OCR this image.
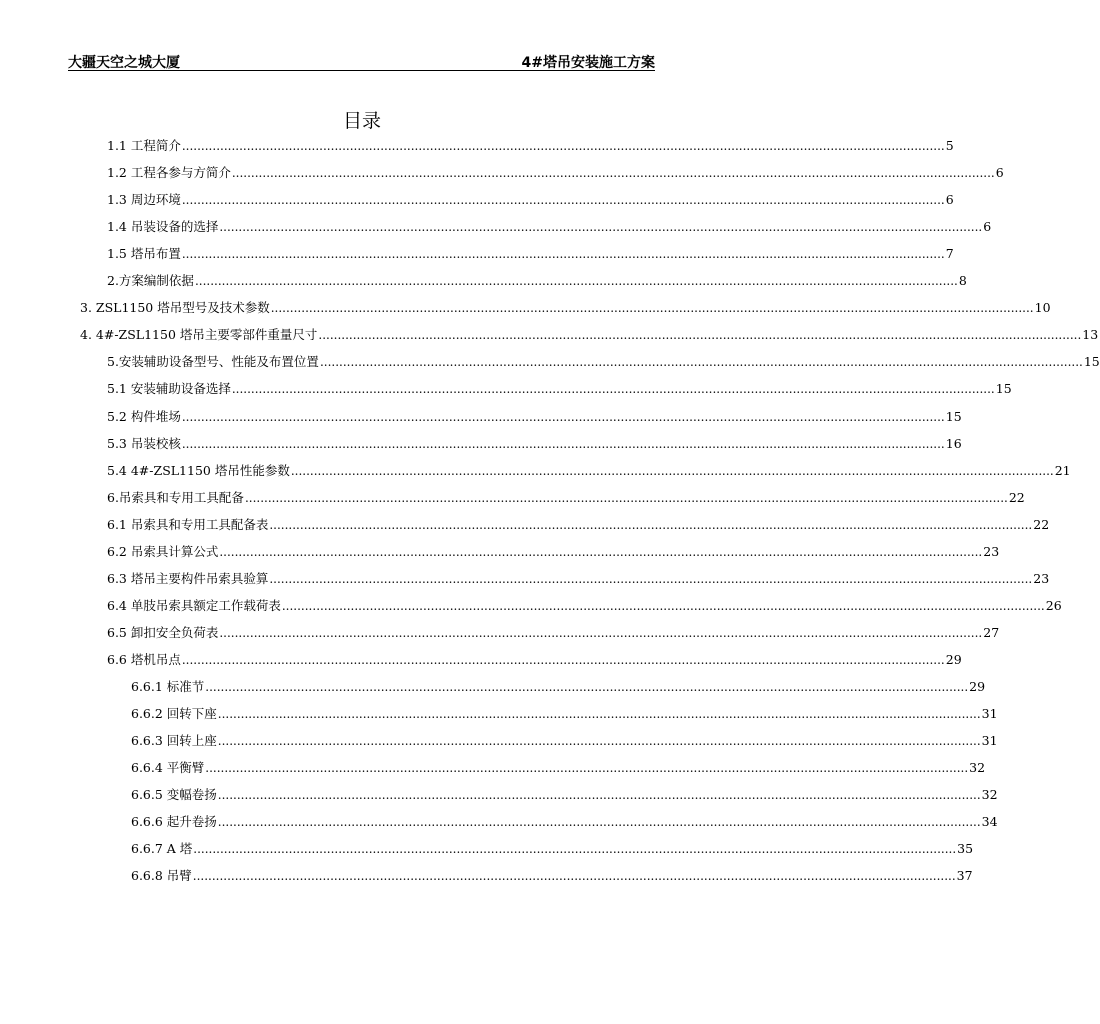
大疆天空之城大厦	4#塔吊安装施工方案
目录
1.1 工程简介 ........................................................................................................................................................................................................ 5
1.2 工程各参与方简介 ........................................................................................................................................................................................................ 6
1.3 周边环境 ........................................................................................................................................................................................................ 6
1.4 吊装设备的选择 ........................................................................................................................................................................................................ 6
1.5 塔吊布置 ........................................................................................................................................................................................................ 7
2.方案编制依据 ........................................................................................................................................................................................................ 8
3. ZSL1150 塔吊型号及技术参数 ........................................................................................................................................................................................................ 10
4. 4#-ZSL1150 塔吊主要零部件重量尺寸 ........................................................................................................................................................................................................ 13
5.安装辅助设备型号、性能及布置位置 ........................................................................................................................................................................................................ 15
5.1 安装辅助设备选择 ........................................................................................................................................................................................................ 15
5.2 构件堆场 ........................................................................................................................................................................................................ 15
5.3 吊装校核 ........................................................................................................................................................................................................ 16
5.4 4#-ZSL1150 塔吊性能参数 ........................................................................................................................................................................................................ 21
6.吊索具和专用工具配备 ........................................................................................................................................................................................................ 22
6.1 吊索具和专用工具配备表 ........................................................................................................................................................................................................ 22
6.2 吊索具计算公式 ........................................................................................................................................................................................................ 23
6.3 塔吊主要构件吊索具验算 ........................................................................................................................................................................................................ 23
6.4 单肢吊索具额定工作载荷表 ........................................................................................................................................................................................................ 26
6.5 卸扣安全负荷表 ........................................................................................................................................................................................................ 27
6.6 塔机吊点 ........................................................................................................................................................................................................ 29
6.6.1 标准节 ........................................................................................................................................................................................................ 29
6.6.2 回转下座 ........................................................................................................................................................................................................ 31
6.6.3 回转上座 ........................................................................................................................................................................................................ 31
6.6.4 平衡臂 ........................................................................................................................................................................................................ 32
6.6.5 变幅卷扬 ........................................................................................................................................................................................................ 32
6.6.6 起升卷扬 ........................................................................................................................................................................................................ 34
6.6.7 A 塔 ........................................................................................................................................................................................................ 35
6.6.8 吊臂 ........................................................................................................................................................................................................ 37
